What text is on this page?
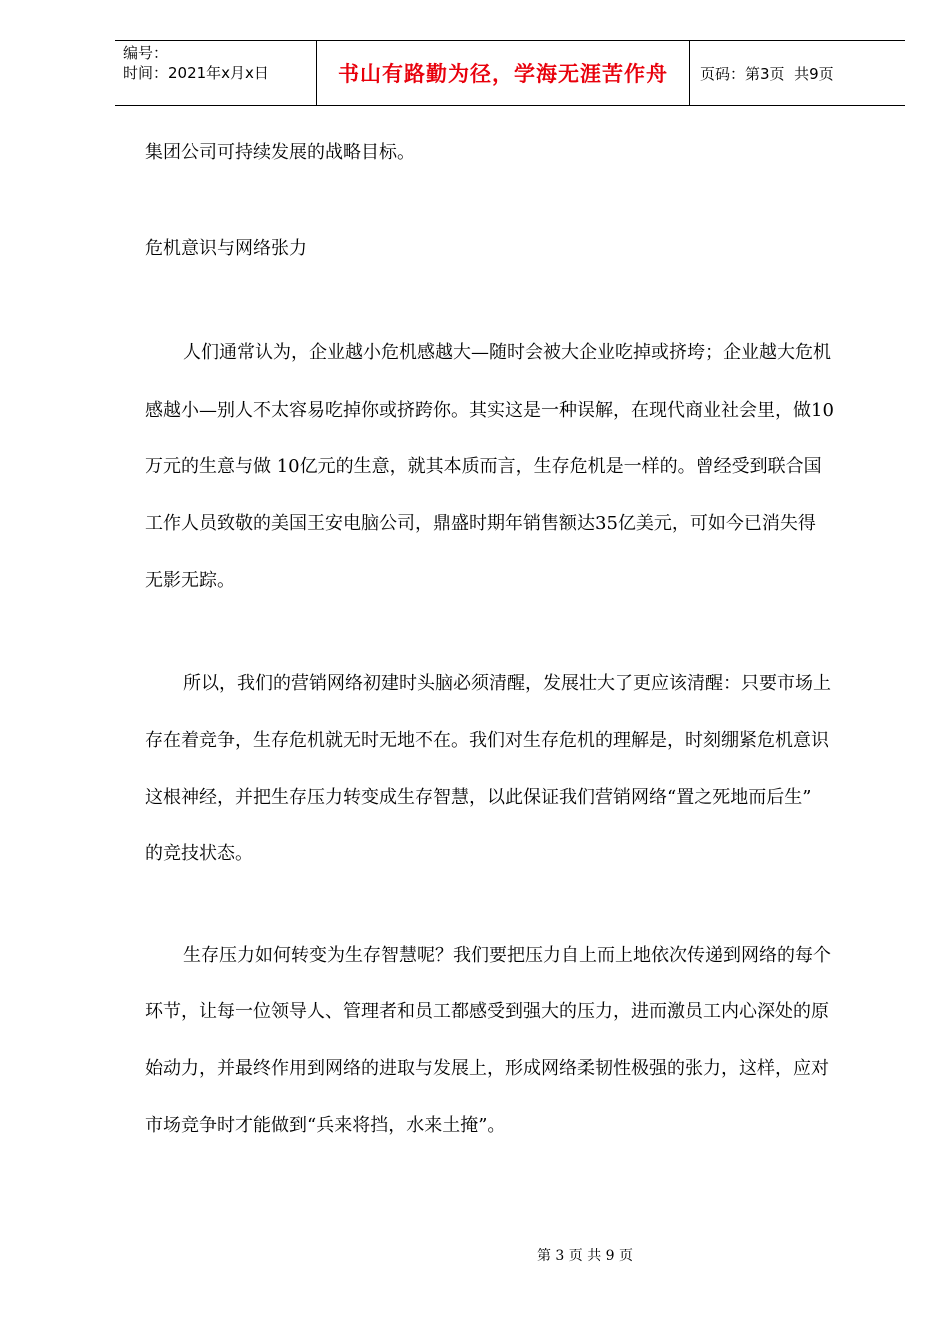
编号：
时间：2021年x月x日	书山有路勤为径，学海无涯苦作舟	页码：第3页  共9页
集团公司可持续发展的战略目标。
危机意识与网络张力
人们通常认为，企业越小危机感越大—随时会被大企业吃掉或挤垮；企业越大危机
感越小—别人不太容易吃掉你或挤跨你。其实这是一种误解，在现代商业社会里，做10
万元的生意与做 10亿元的生意，就其本质而言，生存危机是一样的。曾经受到联合国
工作人员致敬的美国王安电脑公司，鼎盛时期年销售额达35亿美元，可如今已消失得
无影无踪。
所以，我们的营销网络初建时头脑必须清醒，发展壮大了更应该清醒：只要市场上
存在着竞争，生存危机就无时无地不在。我们对生存危机的理解是，时刻绷紧危机意识
这根神经，并把生存压力转变成生存智慧，以此保证我们营销网络“置之死地而后生”
的竞技状态。
生存压力如何转变为生存智慧呢？我们要把压力自上而上地依次传递到网络的每个
环节，让每一位领导人、管理者和员工都感受到强大的压力，进而激员工内心深处的原
始动力，并最终作用到网络的进取与发展上，形成网络柔韧性极强的张力，这样，应对
市场竞争时才能做到“兵来将挡，水来土掩”。
第 3 页 共 9 页
